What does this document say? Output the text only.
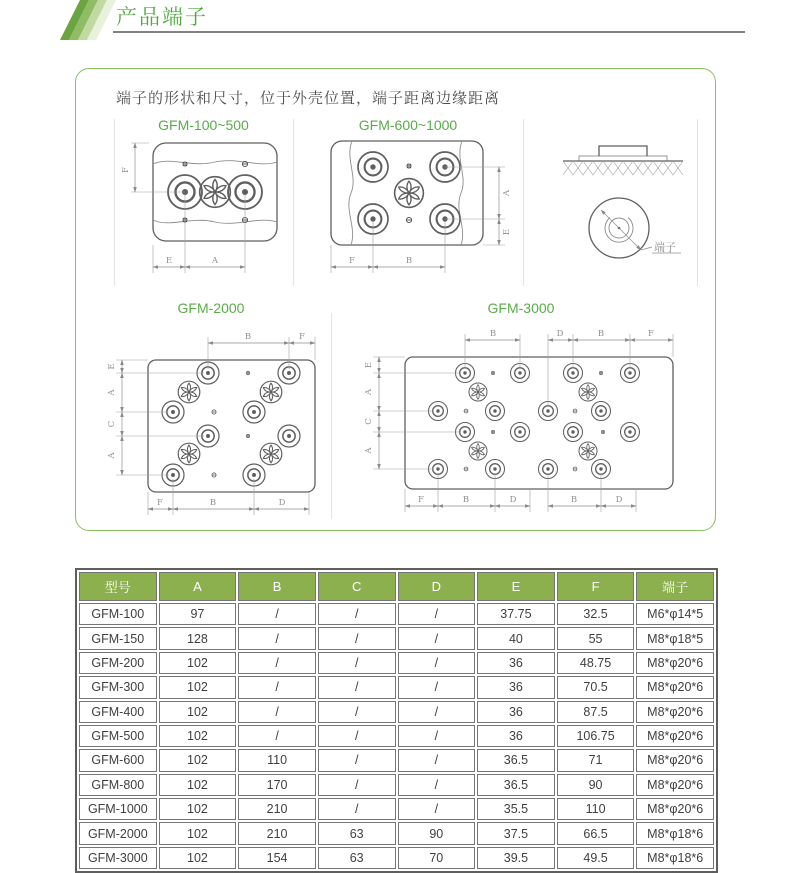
产品端子
端子的形状和尺寸，位于外壳位置，端子距离边缘距离
GFM-100~500	GFM-600~1000
GFM-2000	GFM-3000
F
E	A
A
E
F	B
端子
B	F
E
A
C
A
F	B	D
B	D	B	F
E
A
C
A
F	B	D	B	D
型号	A	B	C	D	E	F	端子
GFM-100	97	/	/	/	37.75	32.5	M6*φ14*5
GFM-150	128	/	/	/	40	55	M8*φ18*5
GFM-200	102	/	/	/	36	48.75	M8*φ20*6
GFM-300	102	/	/	/	36	70.5	M8*φ20*6
GFM-400	102	/	/	/	36	87.5	M8*φ20*6
GFM-500	102	/	/	/	36	106.75	M8*φ20*6
GFM-600	102	110	/	/	36.5	71	M8*φ20*6
GFM-800	102	170	/	/	36.5	90	M8*φ20*6
GFM-1000	102	210	/	/	35.5	110	M8*φ20*6
GFM-2000	102	210	63	90	37.5	66.5	M8*φ18*6
GFM-3000	102	154	63	70	39.5	49.5	M8*φ18*6
